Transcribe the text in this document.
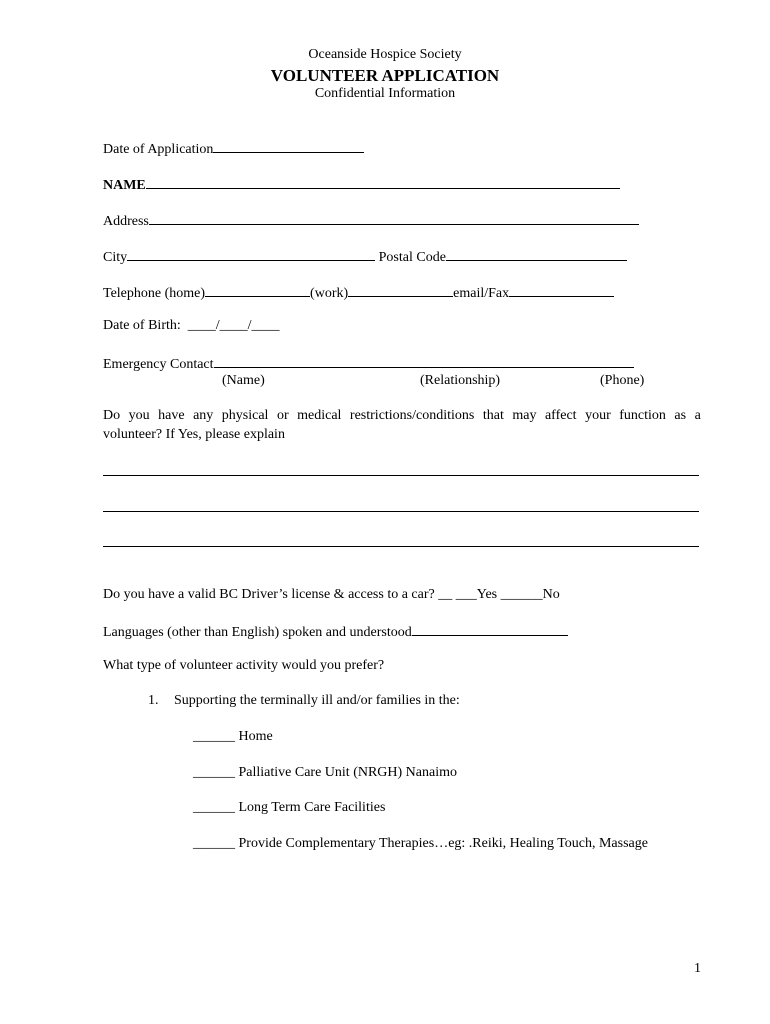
Oceanside Hospice Society
VOLUNTEER APPLICATION
Confidential Information
Date of Application
NAME
Address
City	Postal Code
Telephone (home)	(work)	email/Fax
Date of Birth: ____/____/____
Emergency Contact
(Name)	(Relationship)	(Phone)
Do you have any physical or medical restrictions/conditions that may affect your function as a
volunteer? If Yes, please explain
Do you have a valid BC Driver’s license & access to a car? __ ___Yes ______No
Languages (other than English) spoken and understood
What type of volunteer activity would you prefer?
1. Supporting the terminally ill and/or families in the:
______ Home
______ Palliative Care Unit (NRGH) Nanaimo
______ Long Term Care Facilities
______ Provide Complementary Therapies…eg: .Reiki, Healing Touch, Massage
1
